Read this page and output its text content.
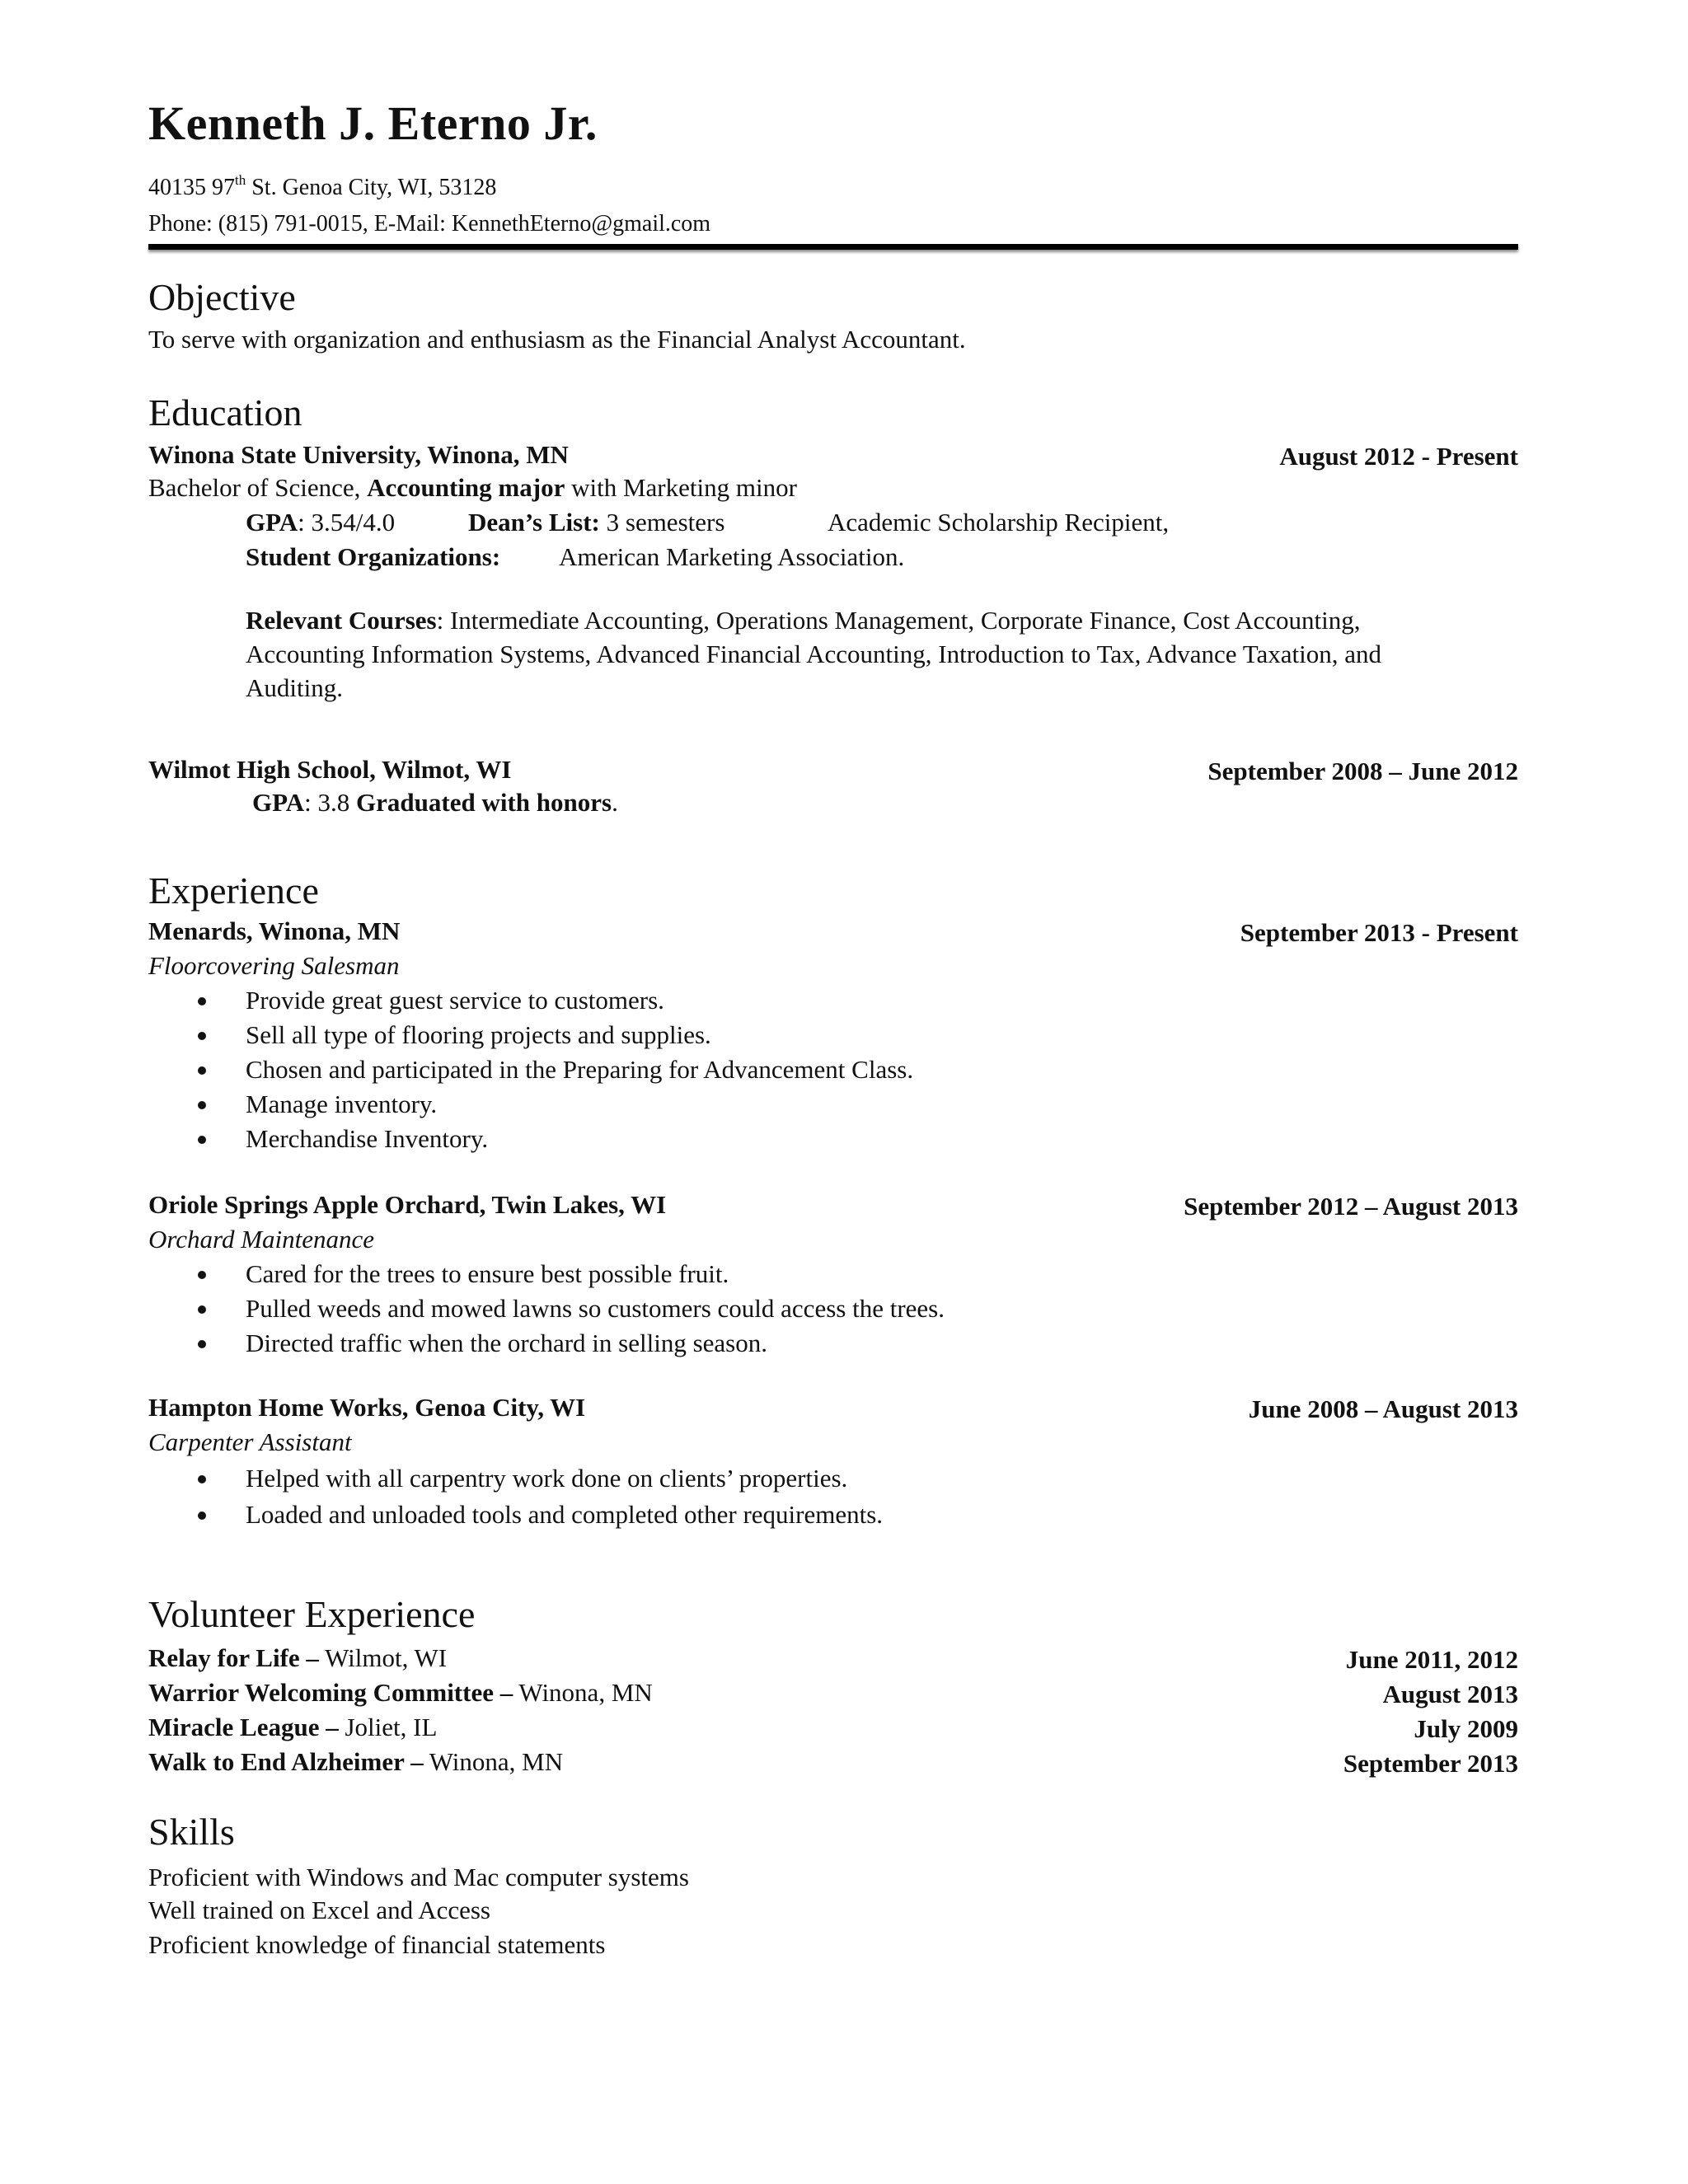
Kenneth J. Eterno Jr.
40135 97th St. Genoa City, WI, 53128
Phone: (815) 791-0015, E-Mail: KennethEterno@gmail.com
Objective
To serve with organization and enthusiasm as the Financial Analyst Accountant.
Education
Winona State University, Winona, MN	August 2012 - Present
Bachelor of Science, Accounting major with Marketing minor
GPA: 3.54/4.0	Dean’s List: 3 semesters	Academic Scholarship Recipient,
Student Organizations: American Marketing Association.
Relevant Courses: Intermediate Accounting, Operations Management, Corporate Finance, Cost Accounting, Accounting Information Systems, Advanced Financial Accounting, Introduction to Tax, Advance Taxation, and Auditing.
Wilmot High School, Wilmot, WI	September 2008 – June 2012
GPA: 3.8 Graduated with honors.
Experience
Menards, Winona, MN	September 2013 - Present
Floorcovering Salesman
Provide great guest service to customers.
Sell all type of flooring projects and supplies.
Chosen and participated in the Preparing for Advancement Class.
Manage inventory.
Merchandise Inventory.
Oriole Springs Apple Orchard, Twin Lakes, WI	September 2012 – August 2013
Orchard Maintenance
Cared for the trees to ensure best possible fruit.
Pulled weeds and mowed lawns so customers could access the trees.
Directed traffic when the orchard in selling season.
Hampton Home Works, Genoa City, WI	June 2008 – August 2013
Carpenter Assistant
Helped with all carpentry work done on clients’ properties.
Loaded and unloaded tools and completed other requirements.
Volunteer Experience
Relay for Life – Wilmot, WI	June 2011, 2012
Warrior Welcoming Committee – Winona, MN	August 2013
Miracle League – Joliet, IL	July 2009
Walk to End Alzheimer – Winona, MN	September 2013
Skills
Proficient with Windows and Mac computer systems
Well trained on Excel and Access
Proficient knowledge of financial statements
